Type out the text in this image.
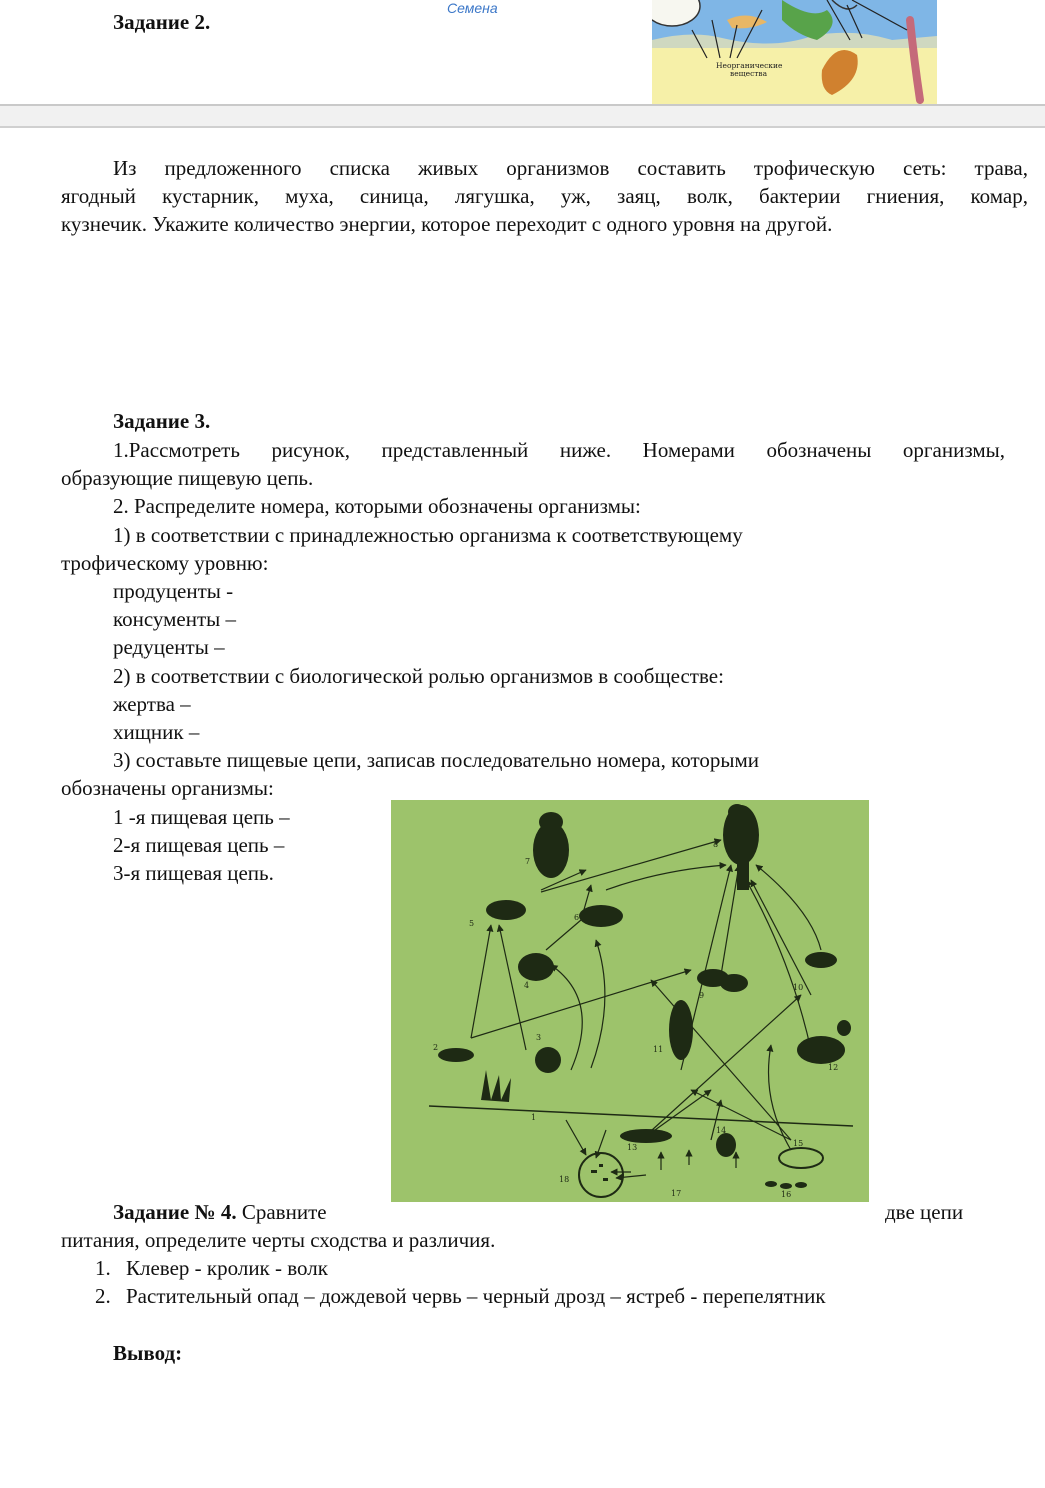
Задание 2.
Семена
Неорганические
вещества
Из предложенного списка живых организмов составить трофическую сеть: трава,
ягодный кустарник, муха, синица, лягушка, уж, заяц, волк, бактерии гниения, комар,
кузнечик. Укажите количество энергии, которое переходит с одного уровня на другой.
Задание 3.
1.Рассмотреть рисунок, представленный ниже. Номерами обозначены организмы,
образующие пищевую цепь.
2. Распределите номера, которыми обозначены организмы:
1) в соответствии с принадлежностью организма к соответствующему
трофическому уровню:
продуценты -
консументы –
редуценты –
2) в соответствии с биологической ролью организмов в сообществе:
жертва –
хищник –
3) составьте пищевые цепи, записав последовательно номера, которыми
обозначены организмы:
1 -я пищевая цепь –
2-я пищевая цепь –
3-я пищевая цепь.
1
2
3
4
5
6
7
8
9
10
11
12
13
14
15
16
17
18
Задание № 4. Сравните	две цепи
питания, определите черты сходства и различия.
1. Клевер - кролик - волк
2. Растительный опад – дождевой червь – черный дрозд – ястреб - перепелятник
Вывод:
